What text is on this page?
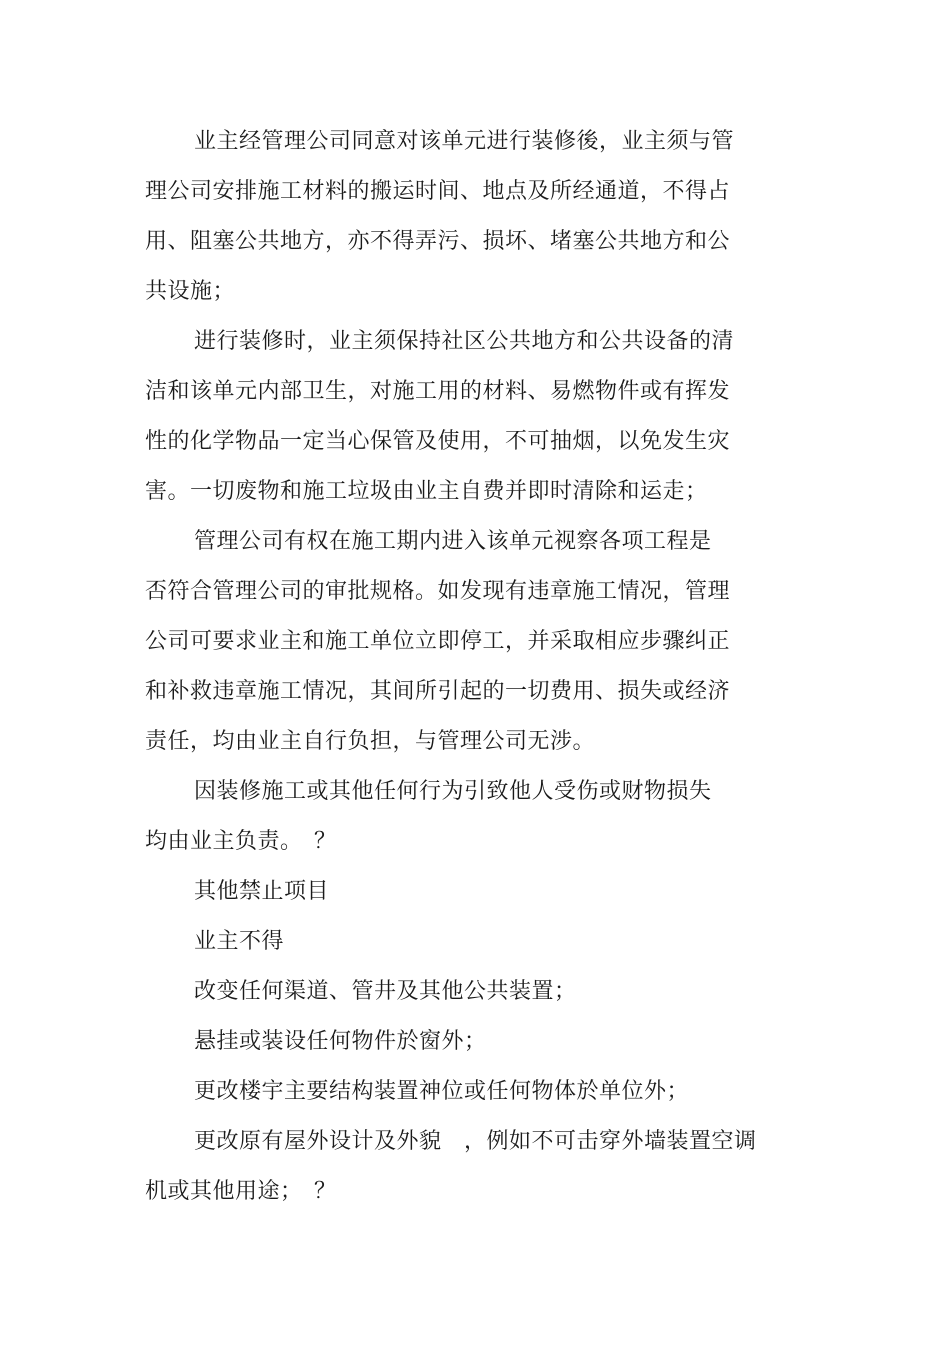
业主经管理公司同意对该单元进行装修後，业主须与管
理公司安排施工材料的搬运时间、地点及所经通道，不得占
用、阻塞公共地方，亦不得弄污、损坏、堵塞公共地方和公
共设施；
进行装修时，业主须保持社区公共地方和公共设备的清
洁和该单元内部卫生，对施工用的材料、易燃物件或有挥发
性的化学物品一定当心保管及使用，不可抽烟，以免发生灾
害。一切废物和施工垃圾由业主自费并即时清除和运走；
管理公司有权在施工期内进入该单元视察各项工程是
否符合管理公司的审批规格。如发现有违章施工情况，管理
公司可要求业主和施工单位立即停工，并采取相应步骤纠正
和补救违章施工情况，其间所引起的一切费用、损失或经济
责任，均由业主自行负担，与管理公司无涉。
因装修施工或其他任何行为引致他人受伤或财物损失
均由业主负责。　？
其他禁止项目
业主不得
改变任何渠道、管井及其他公共装置；
悬挂或装设任何物件於窗外；
更改楼宇主要结构装置神位或任何物体於单位外；
更改原有屋外设计及外貌　，例如不可击穿外墙装置空调
机或其他用途；　？
